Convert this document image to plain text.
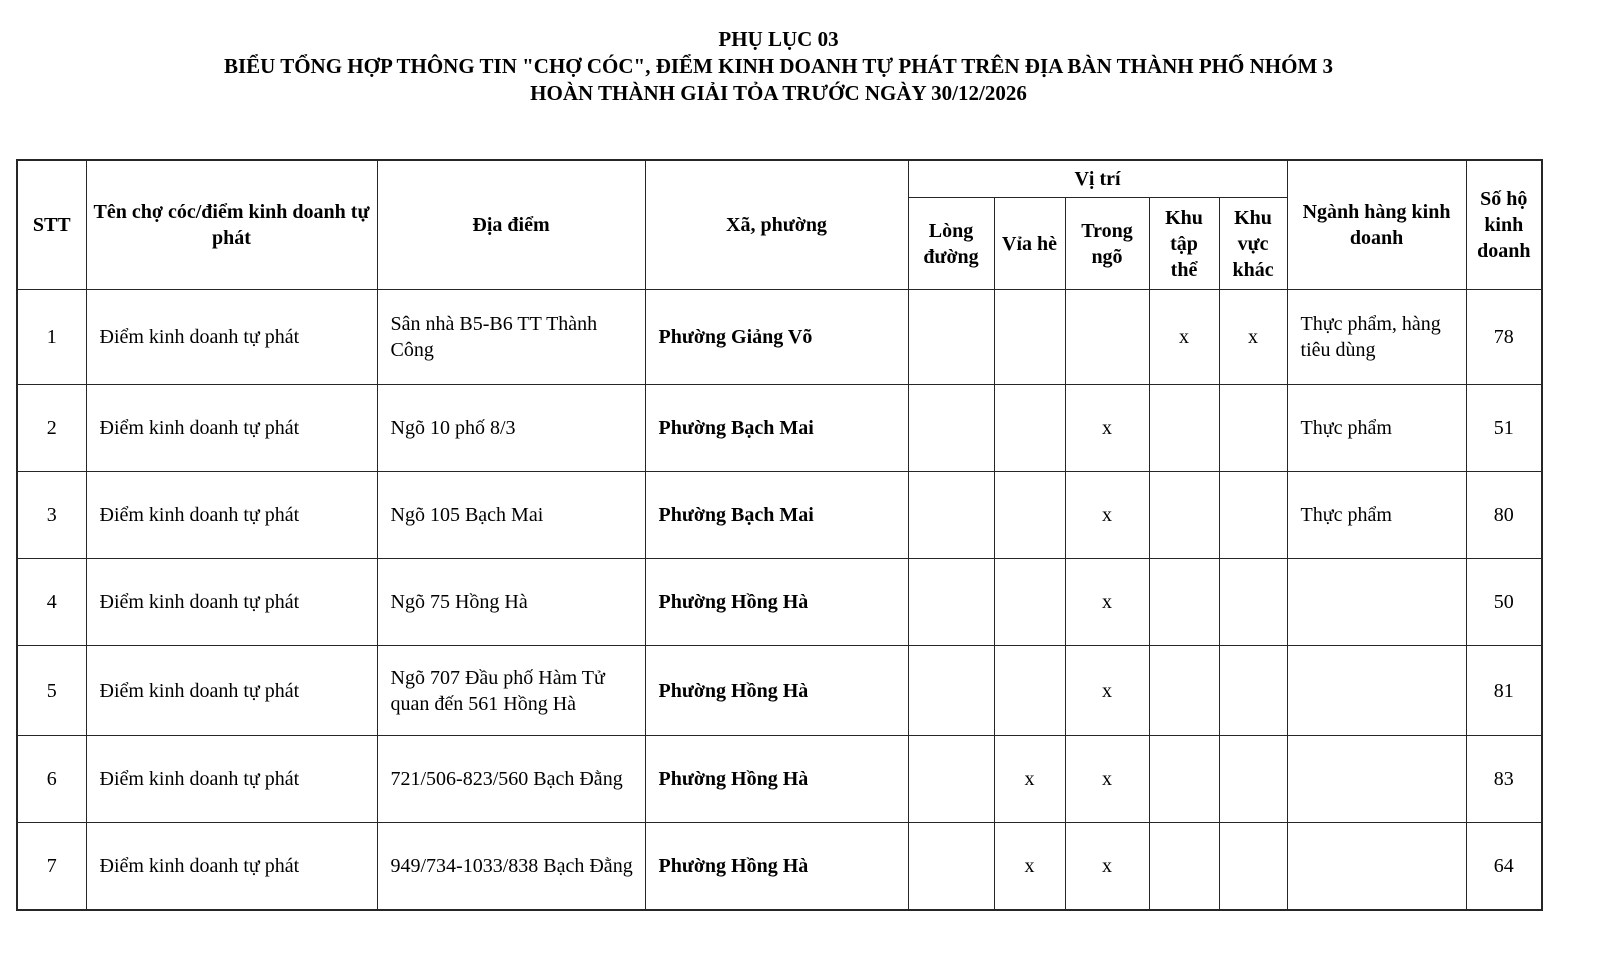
PHỤ LỤC 03
BIỂU TỔNG HỢP THÔNG TIN "CHỢ CÓC", ĐIỂM KINH DOANH TỰ PHÁT TRÊN ĐỊA BÀN THÀNH PHỐ NHÓM 3
HOÀN THÀNH GIẢI TỎA TRƯỚC NGÀY 30/12/2026
STT	Tên chợ cóc/điểm kinh doanh tự phát	Địa điểm	Xã, phường	Vị trí					Ngành hàng kinh doanh	Số hộ kinh doanh
				Lòng đường	Vỉa hè	Trong ngõ	Khu tập thể	Khu vực khác		
1	Điểm kinh doanh tự phát	Sân nhà B5-B6 TT Thành Công	Phường Giảng Võ				x	x	Thực phẩm, hàng tiêu dùng	78
2	Điểm kinh doanh tự phát	Ngõ 10 phố 8/3	Phường Bạch Mai			x			Thực phẩm	51
3	Điểm kinh doanh tự phát	Ngõ 105 Bạch Mai	Phường Bạch Mai			x			Thực phẩm	80
4	Điểm kinh doanh tự phát	Ngõ 75 Hồng Hà	Phường Hồng Hà			x				50
5	Điểm kinh doanh tự phát	Ngõ 707 Đầu phố Hàm Tử quan đến 561 Hồng Hà	Phường Hồng Hà			x				81
6	Điểm kinh doanh tự phát	721/506-823/560 Bạch Đằng	Phường Hồng Hà		x	x				83
7	Điểm kinh doanh tự phát	949/734-1033/838 Bạch Đằng	Phường Hồng Hà		x	x				64
